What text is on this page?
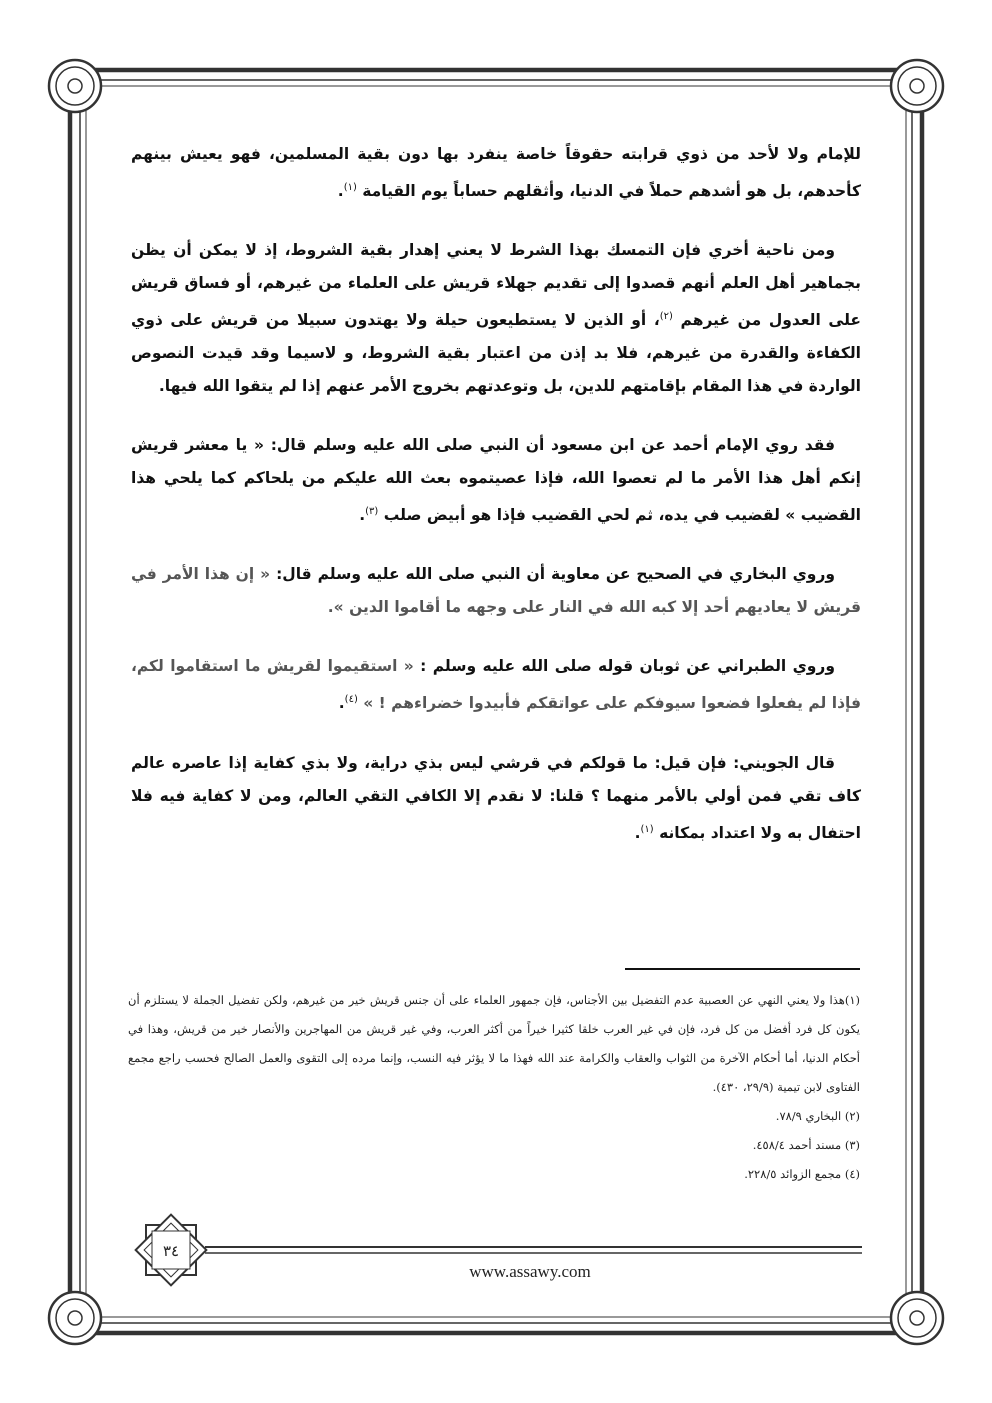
للإمام ولا لأحد من ذوي قرابته حقوقاً خاصة ينفرد بها دون بقية المسلمين، فهو يعيش بينهم كأحدهم، بل هو أشدهم حملاً في الدنيا، وأثقلهم حساباً يوم القيامة $^{(١)}$.

ومن ناحية أخري فإن التمسك بهذا الشرط لا يعني إهدار بقية الشروط، إذ لا يمكن أن يظن بجماهير أهل العلم أنهم قصدوا إلى تقديم جهلاء قريش على العلماء من غيرهم، أو فساق قريش على العدول من غيرهم $^{(٢)}$، أو الذين لا يستطيعون حيلة ولا يهتدون سبيلا من قريش على ذوي الكفاءة والقدرة من غيرهم، فلا بد إذن من اعتبار بقية الشروط، و لاسيما وقد قيدت النصوص الواردة في هذا المقام بإقامتهم للدين، بل وتوعدتهم بخروج الأمر عنهم إذا لم يتقوا الله فيها.

فقد روي الإمام أحمد عن ابن مسعود أن النبي صلى الله عليه وسلم قال: « يا معشر قريش إنكم أهل هذا الأمر ما لم تعصوا الله، فإذا عصيتموه بعث الله عليكم من يلحاكم كما يلحي هذا القضيب » لقضيب في يده، ثم لحي القضيب فإذا هو أبيض صلب $^{(٣)}$.

وروي البخاري في الصحيح عن معاوية أن النبي صلى الله عليه وسلم قال: « إن هذا الأمر في قريش لا يعاديهم أحد إلا كبه الله في النار على وجهه ما أقاموا الدين ».

وروي الطبراني عن ثوبان قوله صلى الله عليه وسلم : « استقيموا لقريش ما استقاموا لكم، فإذا لم يفعلوا فضعوا سيوفكم على عواتقكم فأبيدوا خضراءهم ! » $^{(٤)}$.

قال الجويني: فإن قيل: ما قولكم في قرشي ليس بذي دراية، ولا بذي كفاية إذا عاصره عالم كاف تقي فمن أولي بالأمر منهما ؟ قلنا: لا نقدم إلا الكافي التقي العالم، ومن لا كفاية فيه فلا احتفال به ولا اعتداد بمكانه $^{(١)}$.

(١)هذا ولا يعني النهي عن العصبية عدم التفضيل بين الأجناس، فإن جمهور العلماء على أن جنس قريش خير من غيرهم، ولكن تفضيل الجملة لا يستلزم أن يكون كل فرد أفضل من كل فرد، فإن في غير العرب خلقا كثيرا خيراً من أكثر العرب، وفي غير قريش من المهاجرين والأنصار خير من قريش، وهذا في أحكام الدنيا، أما أحكام الآخرة من الثواب والعقاب والكرامة عند الله فهذا ما لا يؤثر فيه النسب، وإنما مرده إلى التقوى والعمل الصالح فحسب راجع مجمع الفتاوى لابن تيمية (٢٩/٩، ٤٣٠).

(٢) البخاري ٧٨/٩.

(٣) مسند أحمد ٤٥٨/٤.

(٤) مجمع الزوائد ٢٢٨/٥.

٣٤
www.assawy.com
